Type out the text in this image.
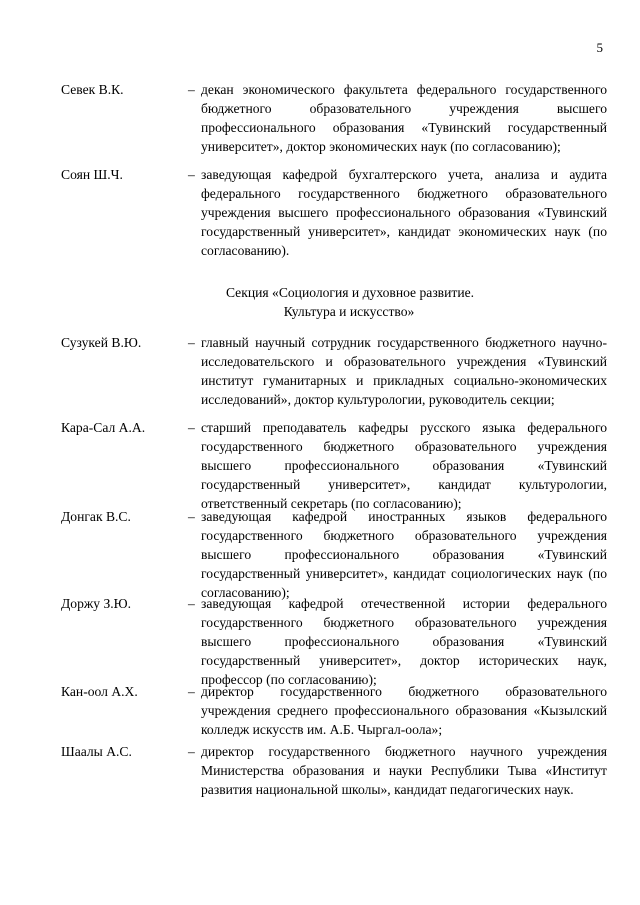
5
Севек В.К.	– декан экономического факультета федерального государственного бюджетного образовательного учреждения высшего профессионального образования «Тувинский государственный университет», доктор экономических наук (по согласованию);
Соян Ш.Ч.	– заведующая кафедрой бухгалтерского учета, анализа и аудита федерального государственного бюджетного образовательного учреждения высшего профессионального образования «Тувинский государственный университет», кандидат экономических наук (по согласованию).
Секция «Социология и духовное развитие.
Культура и искусство»
Сузукей В.Ю.	– главный научный сотрудник государственного бюджетного научно-исследовательского и образовательного учреждения «Тувинский институт гуманитарных и прикладных социально-экономических исследований», доктор культурологии, руководитель секции;
Кара-Сал А.А.	– старший преподаватель кафедры русского языка федерального государственного бюджетного образовательного учреждения высшего профессионального образования «Тувинский государственный университет», кандидат культурологии, ответственный секретарь (по согласованию);
Донгак В.С.	– заведующая кафедрой иностранных языков федерального государственного бюджетного образовательного учреждения высшего профессионального образования «Тувинский государственный университет», кандидат социологических наук (по согласованию);
Доржу З.Ю.	– заведующая кафедрой отечественной истории федерального государственного бюджетного образовательного учреждения высшего профессионального образования «Тувинский государственный университет», доктор исторических наук, профессор (по согласованию);
Кан-оол А.Х.	– директор государственного бюджетного образовательного учреждения среднего профессионального образования «Кызылский колледж искусств им. А.Б. Чыргал-оола»;
Шаалы А.С.	– директор государственного бюджетного научного учреждения Министерства образования и науки Республики Тыва «Институт развития национальной школы», кандидат педагогических наук.
